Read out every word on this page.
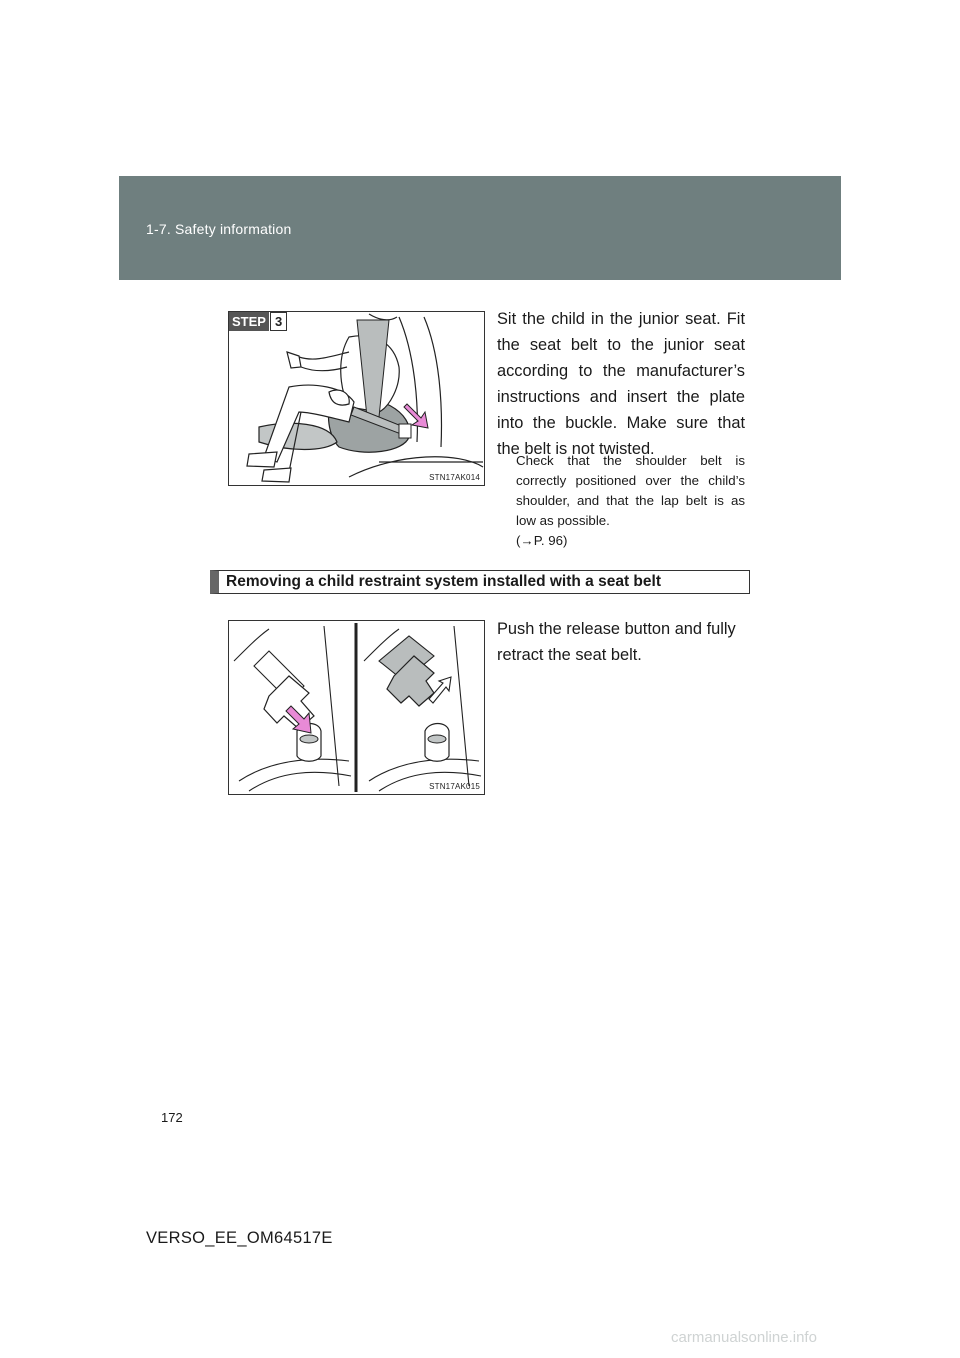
1-7. Safety information
STEP 3
STN17AK014
Sit the child in the junior seat. Fit the seat belt to the junior seat according to the manufacturer’s instructions and insert the plate into the buckle. Make sure that the belt is not twisted.
Check that the shoulder belt is correctly positioned over the child’s shoulder, and that the lap belt is as low as possible.
(→P. 96)
Removing a child restraint system installed with a seat belt
STN17AK015
Push the release button and fully retract the seat belt.
172
VERSO_EE_OM64517E
carmanualsonline.info
